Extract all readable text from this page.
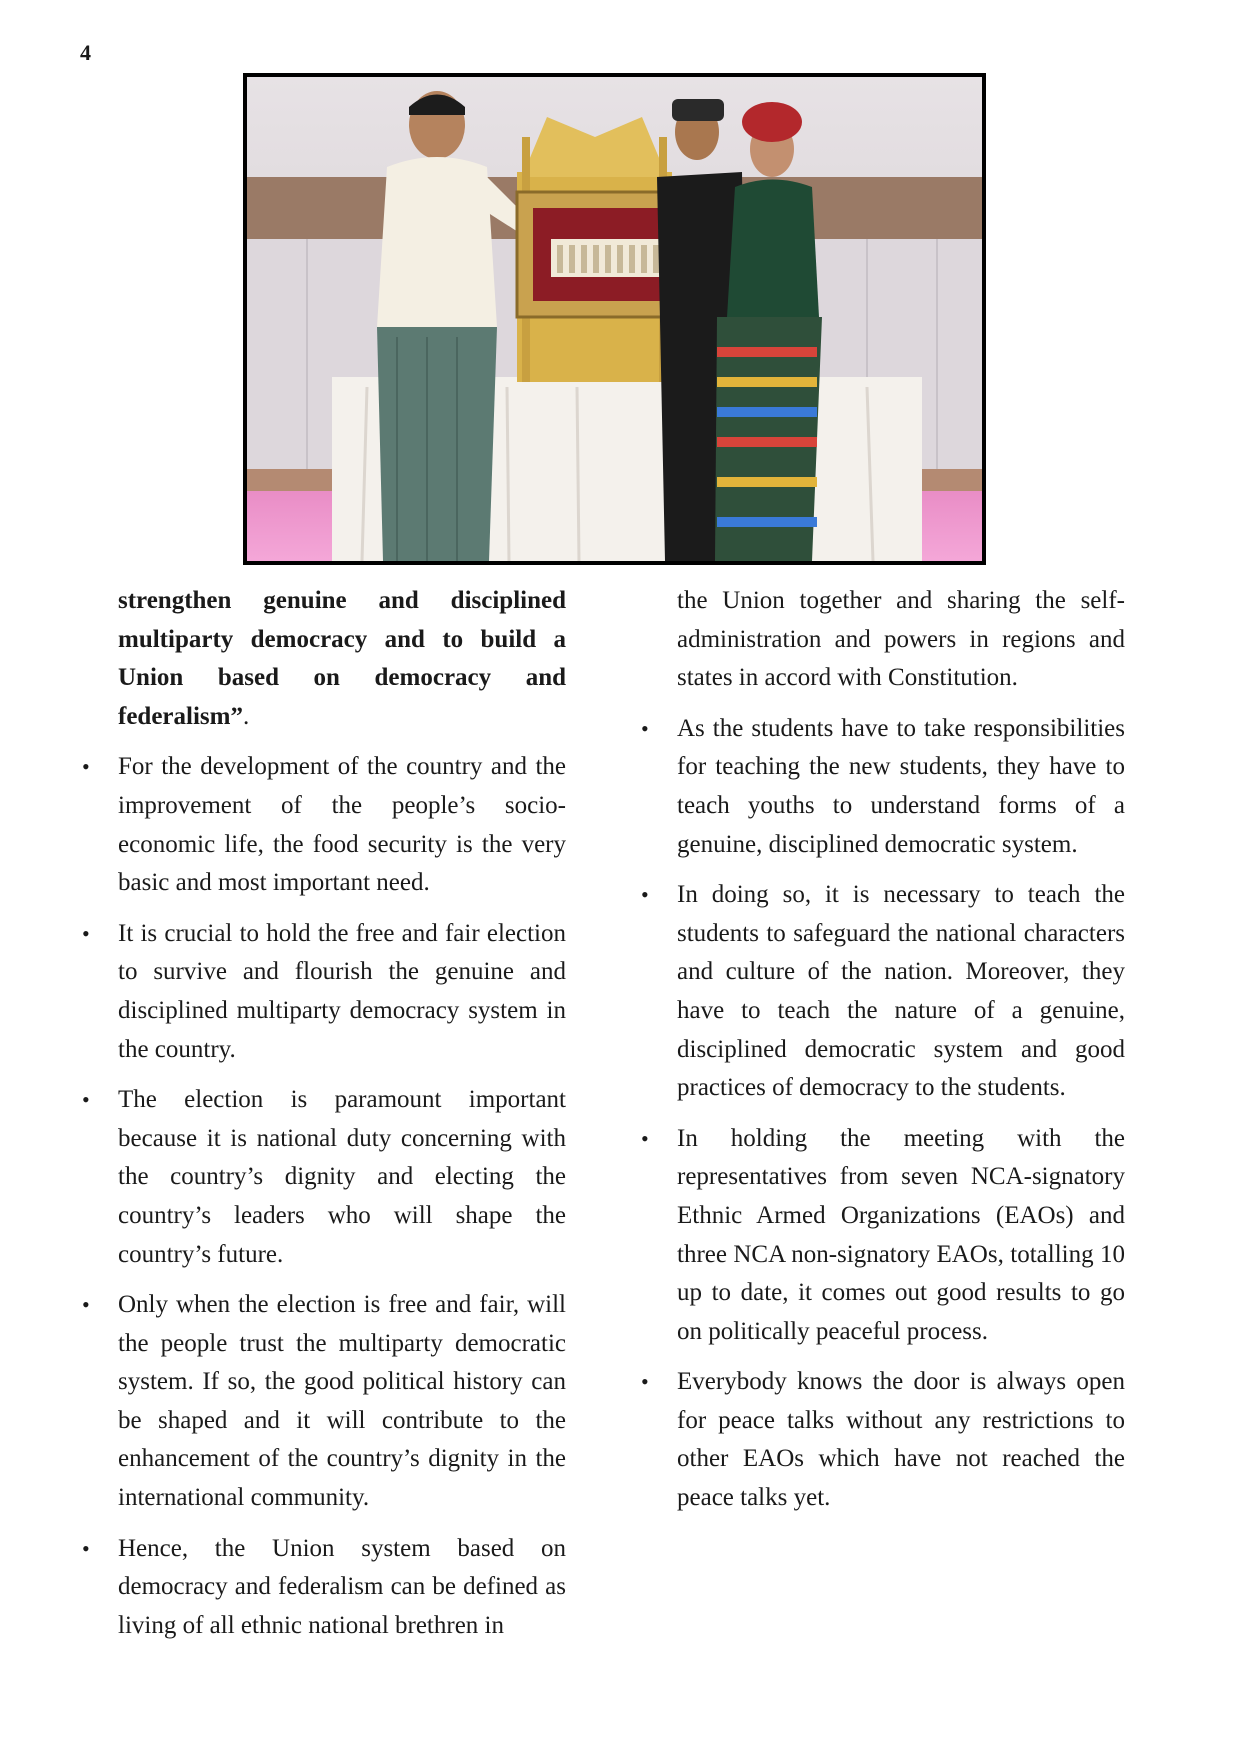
4

strengthen genuine and disciplined multiparty democracy and to build a Union based on democracy and federalism”.

• For the development of the country and the improvement of the people’s socio-economic life, the food security is the very basic and most important need.
• It is crucial to hold the free and fair election to survive and flourish the genuine and disciplined multiparty democracy system in the country.
• The election is paramount important because it is national duty concerning with the country’s dignity and electing the country’s leaders who will shape the country’s future.
• Only when the election is free and fair, will the people trust the multiparty democratic system. If so, the good political history can be shaped and it will contribute to the enhancement of the country’s dignity in the international community.
• Hence, the Union system based on democracy and federalism can be defined as living of all ethnic national brethren in

the Union together and sharing the self-administration and powers in regions and states in accord with Constitution.

• As the students have to take responsibilities for teaching the new students, they have to teach youths to understand forms of a genuine, disciplined democratic system.
• In doing so, it is necessary to teach the students to safeguard the national characters and culture of the nation. Moreover, they have to teach the nature of a genuine, disciplined democratic system and good practices of democracy to the students.
• In holding the meeting with the representatives from seven NCA-signatory Ethnic Armed Organizations (EAOs) and three NCA non-signatory EAOs, totalling 10 up to date, it comes out good results to go on politically peaceful process.
• Everybody knows the door is always open for peace talks without any restrictions to other EAOs which have not reached the peace talks yet.
